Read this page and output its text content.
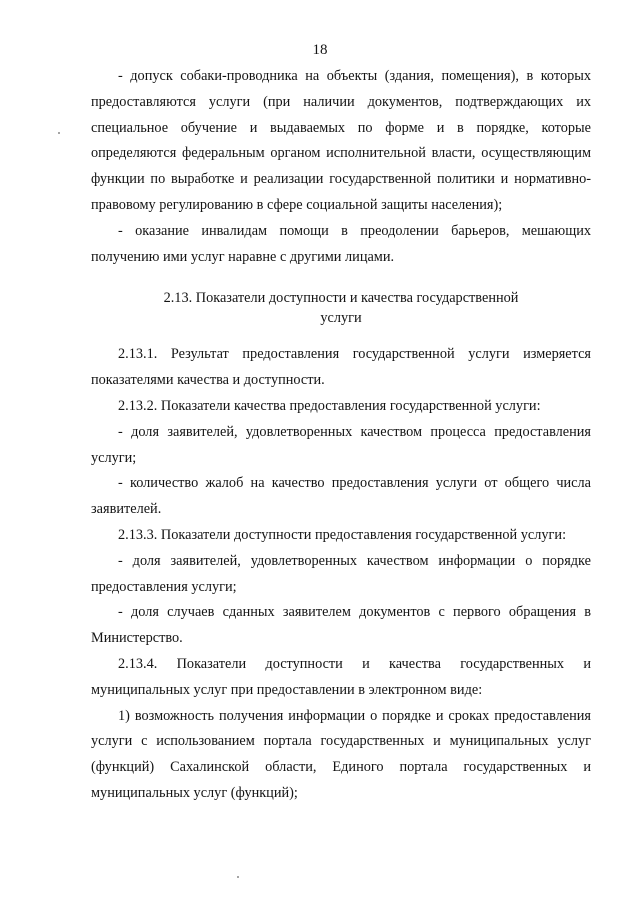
18

- допуск собаки-проводника на объекты (здания, помещения), в которых предоставляются услуги (при наличии документов, подтверждающих их специальное обучение и выдаваемых по форме и в порядке, которые определяются федеральным органом исполнительной власти, осуществляющим функции по выработке и реализации государственной политики и нормативно-правовому регулированию в сфере социальной защиты населения);

- оказание инвалидам помощи в преодолении барьеров, мешающих получению ими услуг наравне с другими лицами.

2.13. Показатели доступности и качества государственной услуги

2.13.1. Результат предоставления государственной услуги измеряется показателями качества и доступности.

2.13.2. Показатели качества предоставления государственной услуги:

- доля заявителей, удовлетворенных качеством процесса предоставления услуги;

- количество жалоб на качество предоставления услуги от общего числа заявителей.

2.13.3. Показатели доступности предоставления государственной услуги:

- доля заявителей, удовлетворенных качеством информации о порядке предоставления услуги;

- доля случаев сданных заявителем документов с первого обращения в Министерство.

2.13.4. Показатели доступности и качества государственных и муниципальных услуг при предоставлении в электронном виде:

1) возможность получения информации о порядке и сроках предоставления услуги с использованием портала государственных и муниципальных услуг (функций) Сахалинской области, Единого портала государственных и муниципальных услуг (функций);
